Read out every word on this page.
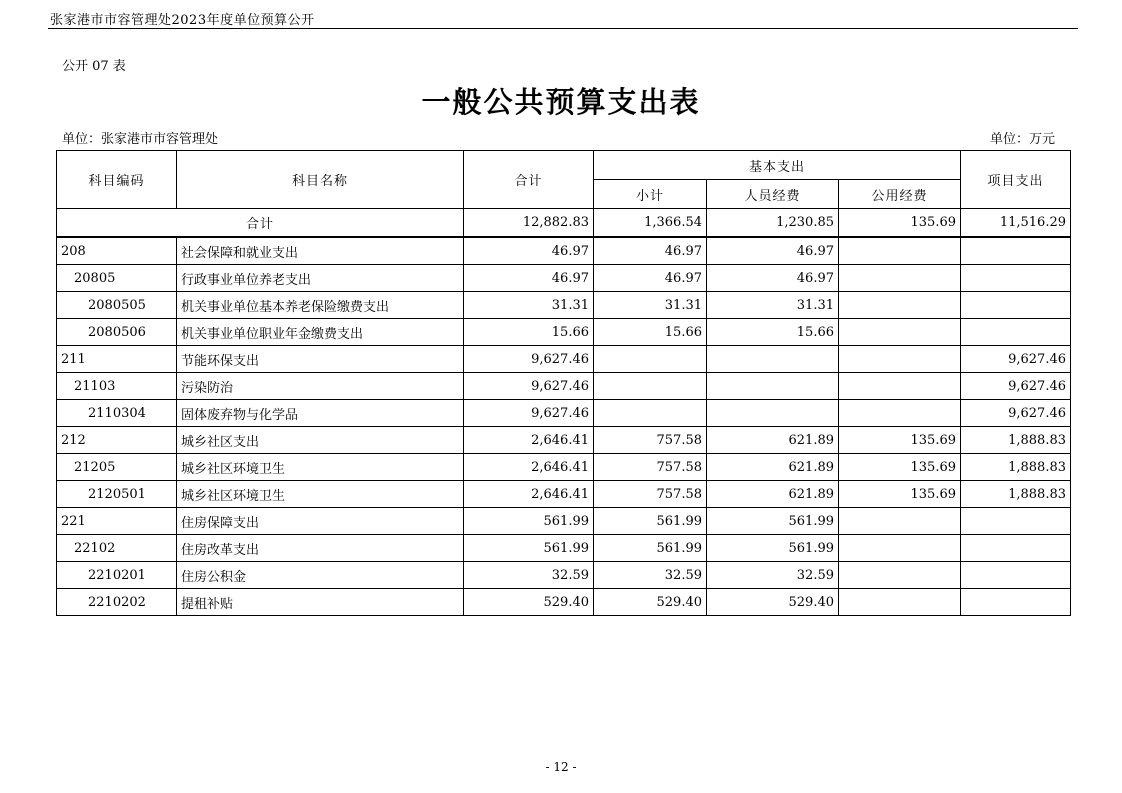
张家港市市容管理处2023年度单位预算公开
公开 07 表
一般公共预算支出表
单位：张家港市市容管理处	单位：万元
科目编码	科目名称	合计	基本支出			项目支出
			小计	人员经费	公用经费	
合计		12,882.83	1,366.54	1,230.85	135.69	11,516.29
208	社会保障和就业支出	46.97	46.97	46.97		
20805	行政事业单位养老支出	46.97	46.97	46.97		
2080505	机关事业单位基本养老保险缴费支出	31.31	31.31	31.31		
2080506	机关事业单位职业年金缴费支出	15.66	15.66	15.66		
211	节能环保支出	9,627.46				9,627.46
21103	污染防治	9,627.46				9,627.46
2110304	固体废弃物与化学品	9,627.46				9,627.46
212	城乡社区支出	2,646.41	757.58	621.89	135.69	1,888.83
21205	城乡社区环境卫生	2,646.41	757.58	621.89	135.69	1,888.83
2120501	城乡社区环境卫生	2,646.41	757.58	621.89	135.69	1,888.83
221	住房保障支出	561.99	561.99	561.99		
22102	住房改革支出	561.99	561.99	561.99		
2210201	住房公积金	32.59	32.59	32.59		
2210202	提租补贴	529.40	529.40	529.40		
- 12 -
